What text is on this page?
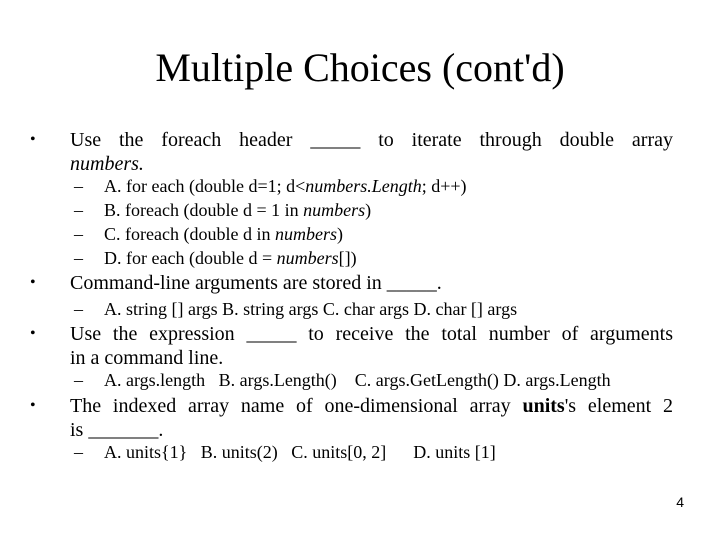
Multiple Choices (cont'd)
• Use the foreach header _____ to iterate through double array
numbers.
– A. for each (double d=1; d<numbers.Length; d++)
– B. foreach (double d = 1 in numbers)
– C. foreach (double d in numbers)
– D. for each (double d = numbers[])
• Command-line arguments are stored in _____.
– A. string [] args B. string args C. char args D. char [] args
• Use the expression _____ to receive the total number of arguments
in a command line.
– A. args.length   B. args.Length()    C. args.GetLength() D. args.Length
• The indexed array name of one-dimensional array units's element 2
is _______.
– A. units{1}   B. units(2)   C. units[0, 2]      D. units [1]
4
